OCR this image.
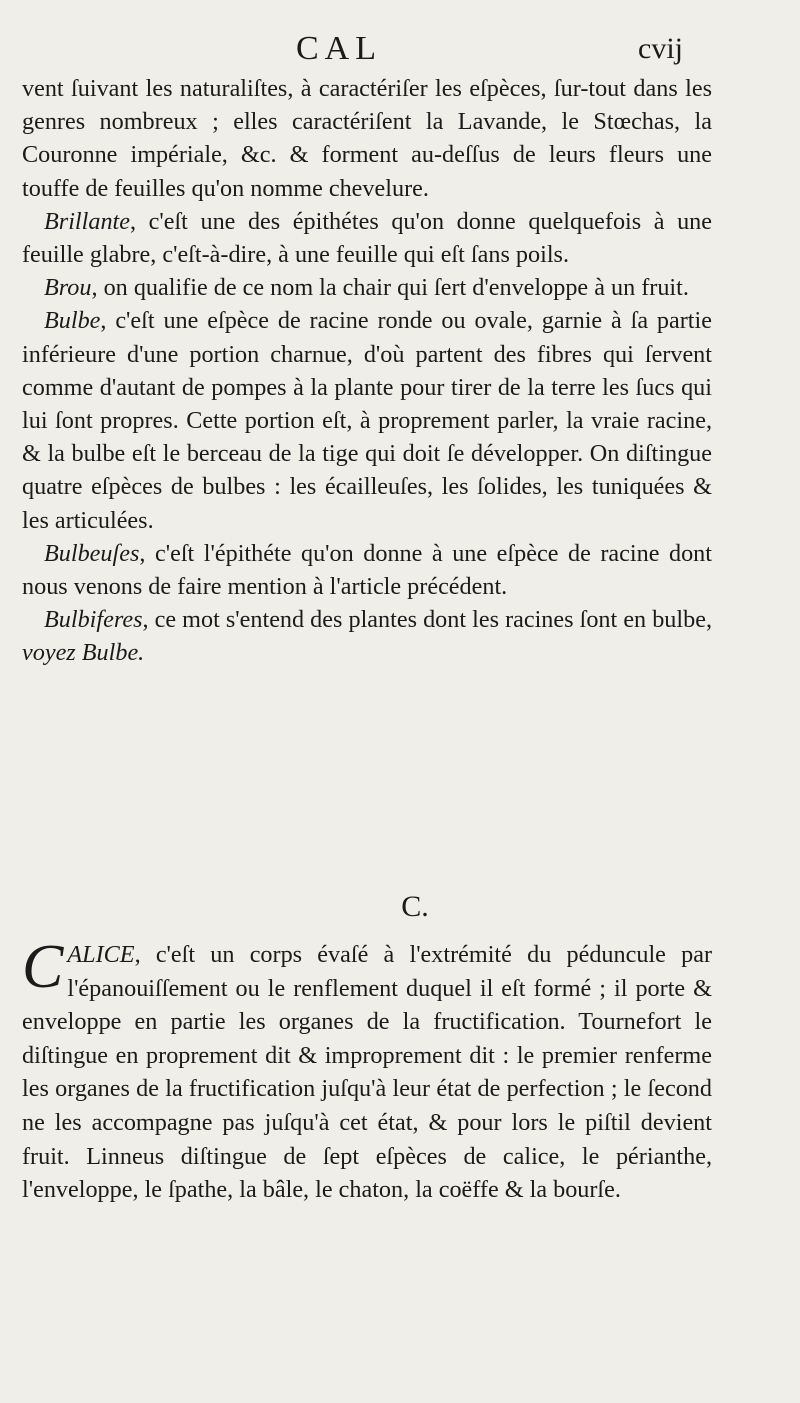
CAL	cvij

vent ſuivant les naturaliſtes, à caractériſer les eſpèces, ſur-tout dans les genres nombreux ; elles caractériſent la Lavande, le Stœchas, la Couronne impériale, &c. & forment au-deſſus de leurs fleurs une touffe de feuilles qu'on nomme chevelure.

Brillante, c'eſt une des épithétes qu'on donne quelquefois à une feuille glabre, c'eſt-à-dire, à une feuille qui eſt ſans poils.

Brou, on qualifie de ce nom la chair qui ſert d'enveloppe à un fruit.

Bulbe, c'eſt une eſpèce de racine ronde ou ovale, garnie à ſa partie inférieure d'une portion charnue, d'où partent des fibres qui ſervent comme d'autant de pompes à la plante pour tirer de la terre les ſucs qui lui ſont propres. Cette portion eſt, à proprement parler, la vraie racine, & la bulbe eſt le berceau de la tige qui doit ſe développer. On diſtingue quatre eſpèces de bulbes : les écailleuſes, les ſolides, les tuniquées & les articulées.

Bulbeuſes, c'eſt l'épithéte qu'on donne à une eſpèce de racine dont nous venons de faire mention à l'article précédent.

Bulbiferes, ce mot s'entend des plantes dont les racines ſont en bulbe, voyez Bulbe.

C.
CALICE, c'eſt un corps évaſé à l'extrémité du péduncule par l'épanouiſſement ou le renflement duquel il eſt formé ; il porte & enveloppe en partie les organes de la fructification. Tournefort le diſtingue en proprement dit & improprement dit : le premier renferme les organes de la fructification juſqu'à leur état de perfection ; le ſecond ne les accompagne pas juſqu'à cet état, & pour lors le piſtil devient fruit. Linneus diſtingue de ſept eſpèces de calice, le périanthe, l'enveloppe, le ſpathe, la bâle, le chaton, la coëffe & la bourſe.
